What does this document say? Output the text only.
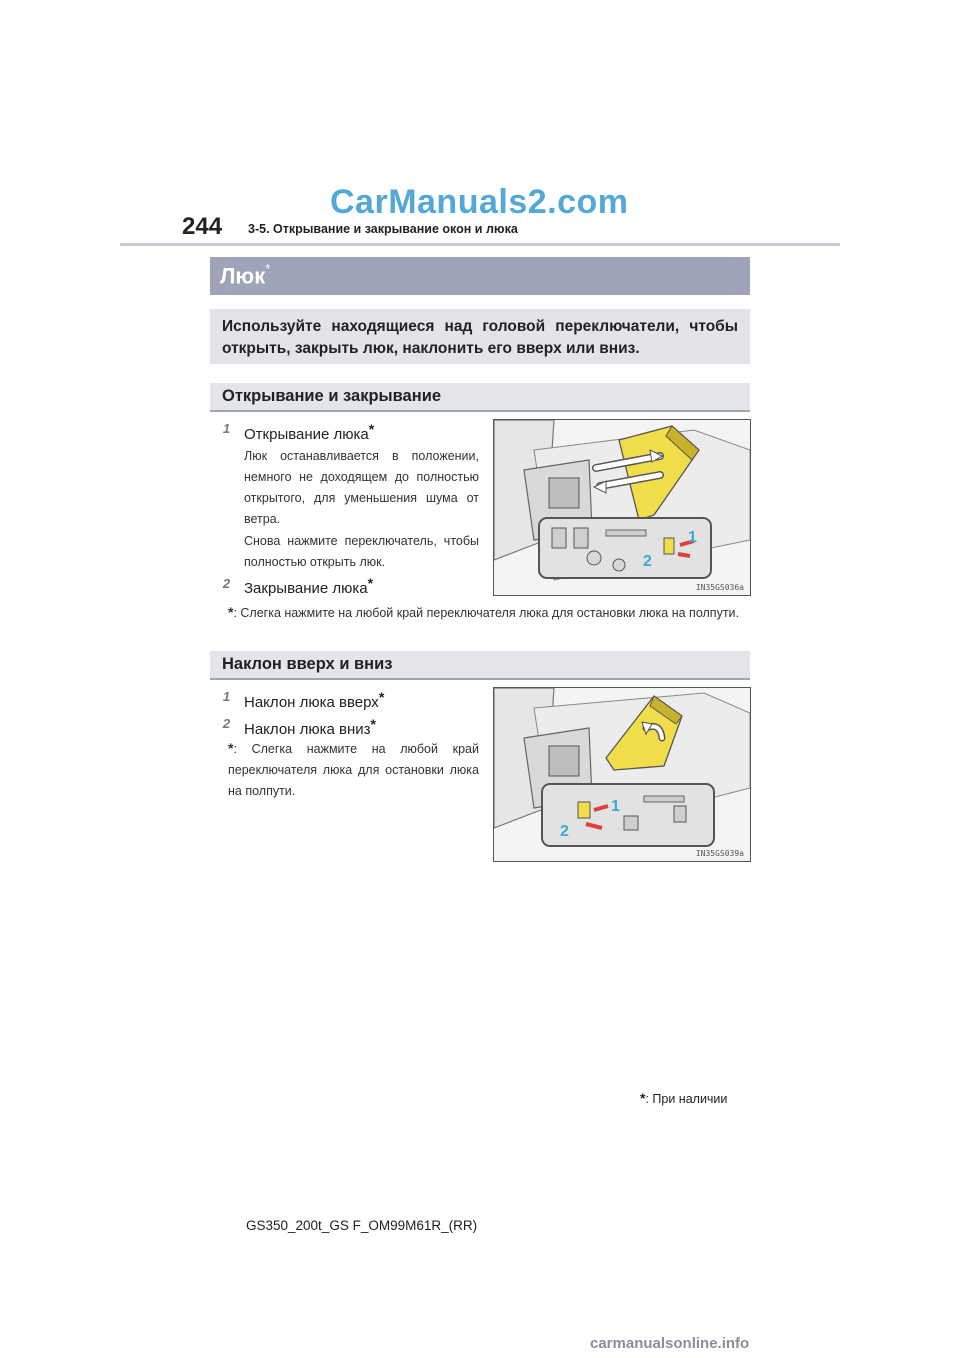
CarManuals2.com
244 3-5. Открывание и закрывание окон и люка
Люк*
Используйте находящиеся над головой переключатели, чтобы открыть, закрыть люк, наклонить его вверх или вниз.
Открывание и закрывание
1 Открывание люка*
Люк останавливается в положении, немного не доходящем до полностью открытого, для уменьшения шума от ветра.
Снова нажмите переключатель, чтобы полностью открыть люк.
2 Закрывание люка*
*: Слегка нажмите на любой край переключателя люка для остановки люка на полпути.
1
2
IN35GS036a
Наклон вверх и вниз
1 Наклон люка вверх*
2 Наклон люка вниз*
*: Слегка нажмите на любой край переключателя люка для остановки люка на полпути.
1
2
IN35GS039a
*: При наличии
GS350_200t_GS F_OM99M61R_(RR)
carmanualsonline.info
